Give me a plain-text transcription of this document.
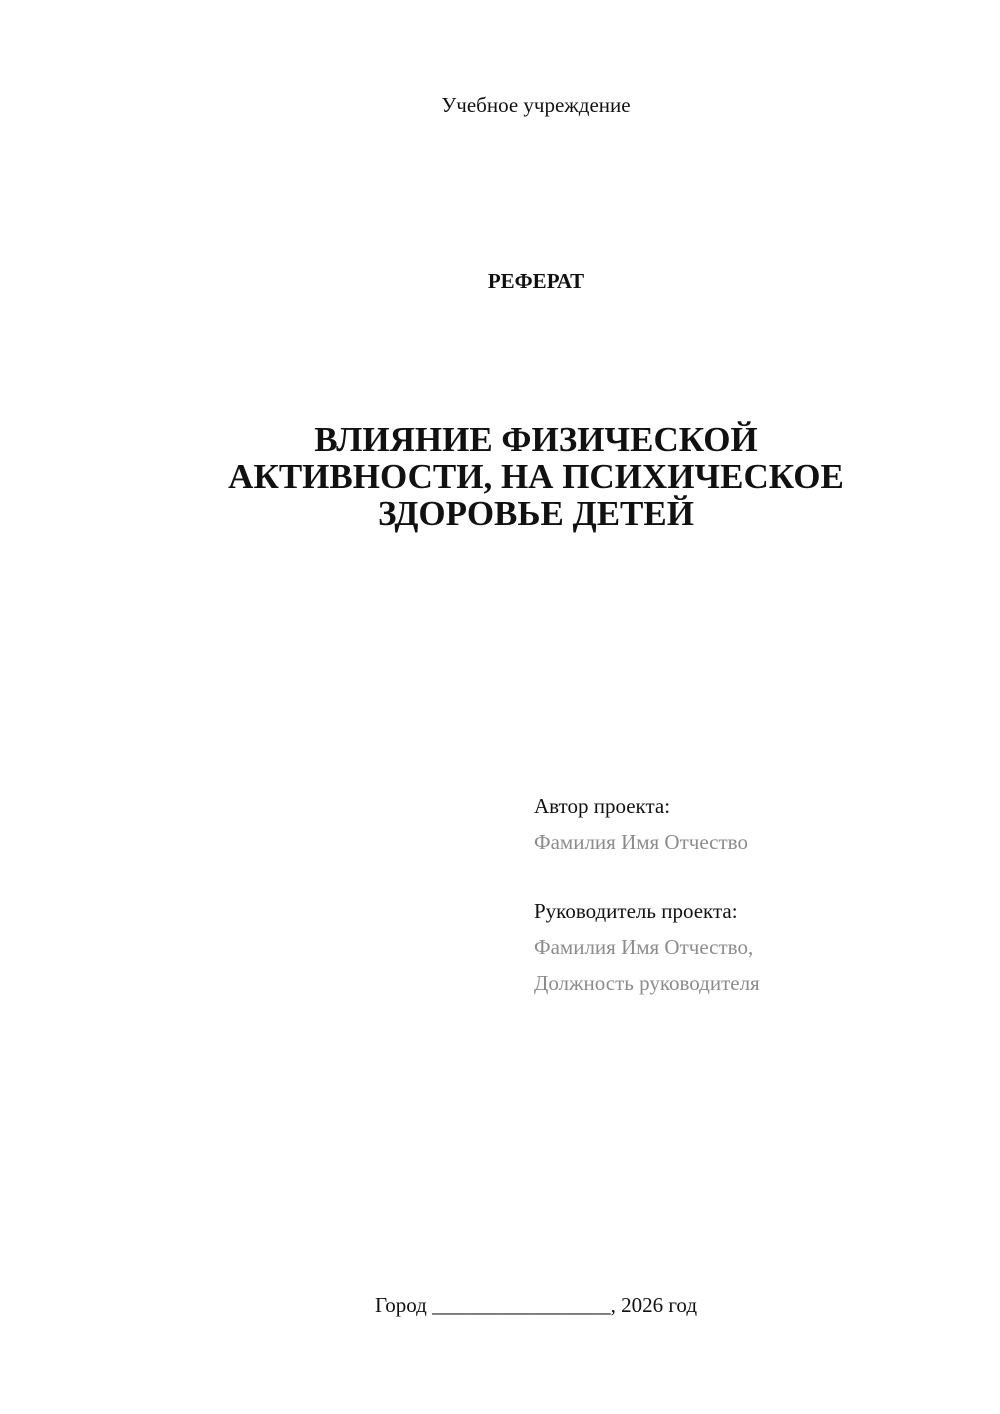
Учебное учреждение
РЕФЕРАТ
ВЛИЯНИЕ ФИЗИЧЕСКОЙ
АКТИВНОСТИ, НА ПСИХИЧЕСКОЕ
ЗДОРОВЬЕ ДЕТЕЙ
Автор проекта:
Фамилия Имя Отчество
Руководитель проекта:
Фамилия Имя Отчество,
Должность руководителя
Город _________________, 2026 год
